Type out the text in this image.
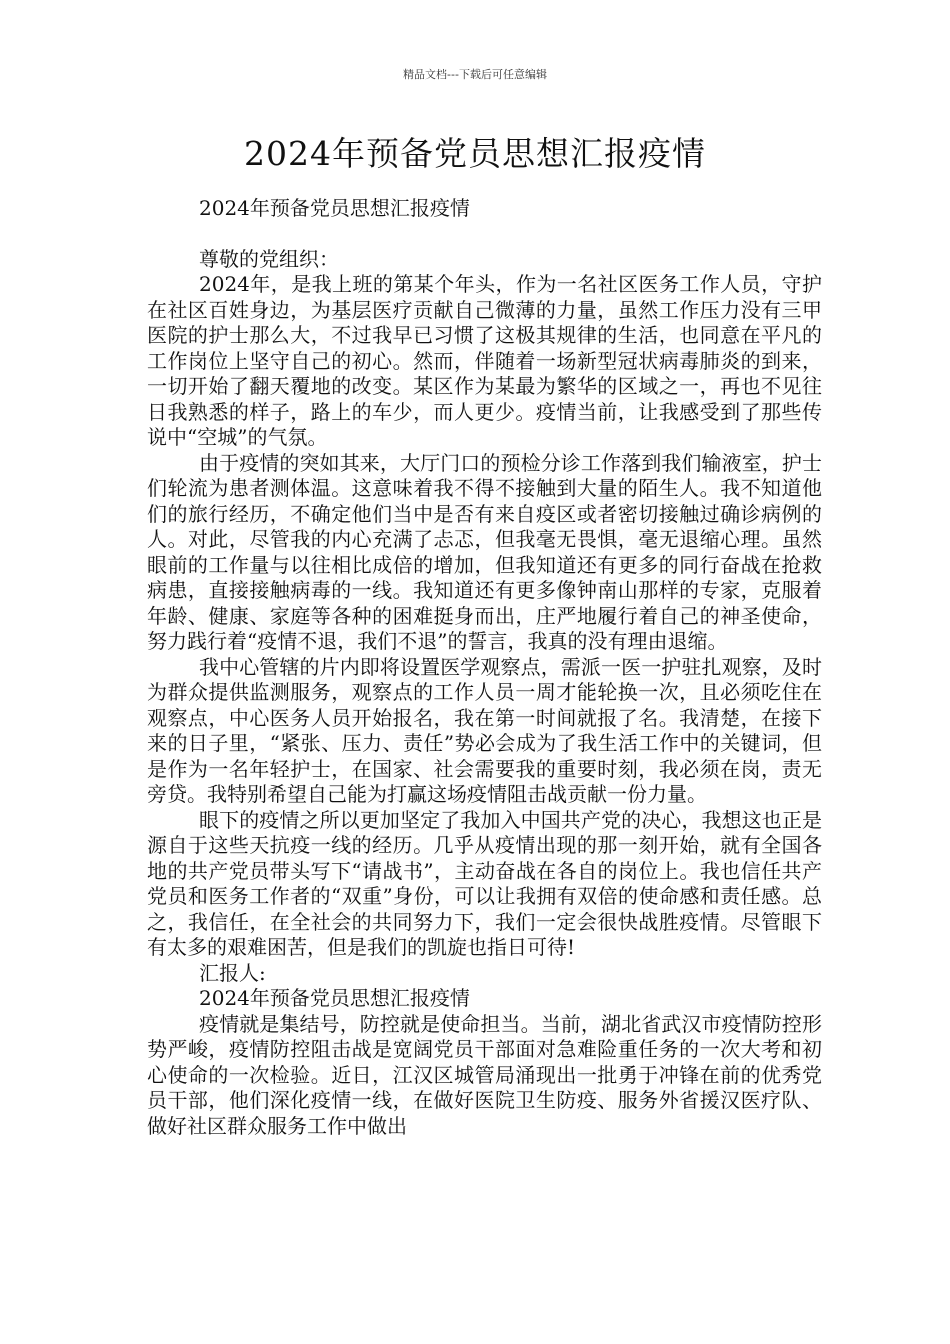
精品文档---下载后可任意编辑
2024年预备党员思想汇报疫情

2024年预备党员思想汇报疫情

尊敬的党组织：

2024年，是我上班的第某个年头，作为一名社区医务工作人员，守护在社区百姓身边，为基层医疗贡献自己微薄的力量，虽然工作压力没有三甲医院的护士那么大，不过我早已习惯了这极其规律的生活，也同意在平凡的工作岗位上坚守自己的初心。然而，伴随着一场新型冠状病毒肺炎的到来，一切开始了翻天覆地的改变。某区作为某最为繁华的区域之一，再也不见往日我熟悉的样子，路上的车少，而人更少。疫情当前，让我感受到了那些传说中“空城”的气氛。

由于疫情的突如其来，大厅门口的预检分诊工作落到我们输液室，护士们轮流为患者测体温。这意味着我不得不接触到大量的陌生人。我不知道他们的旅行经历，不确定他们当中是否有来自疫区或者密切接触过确诊病例的人。对此，尽管我的内心充满了忐忑，但我毫无畏惧，毫无退缩心理。虽然眼前的工作量与以往相比成倍的增加，但我知道还有更多的同行奋战在抢救病患，直接接触病毒的一线。我知道还有更多像钟南山那样的专家，克服着年龄、健康、家庭等各种的困难挺身而出，庄严地履行着自己的神圣使命，努力践行着“疫情不退，我们不退”的誓言，我真的没有理由退缩。

我中心管辖的片内即将设置医学观察点，需派一医一护驻扎观察，及时为群众提供监测服务，观察点的工作人员一周才能轮换一次，且必须吃住在观察点，中心医务人员开始报名，我在第一时间就报了名。我清楚，在接下来的日子里，“紧张、压力、责任”势必会成为了我生活工作中的关键词，但是作为一名年轻护士，在国家、社会需要我的重要时刻，我必须在岗，责无旁贷。我特别希望自己能为打赢这场疫情阻击战贡献一份力量。

眼下的疫情之所以更加坚定了我加入中国共产党的决心，我想这也正是源自于这些天抗疫一线的经历。几乎从疫情出现的那一刻开始，就有全国各地的共产党员带头写下“请战书”，主动奋战在各自的岗位上。我也信任共产党员和医务工作者的“双重”身份，可以让我拥有双倍的使命感和责任感。总之，我信任，在全社会的共同努力下，我们一定会很快战胜疫情。尽管眼下有太多的艰难困苦，但是我们的凯旋也指日可待!

汇报人:

2024年预备党员思想汇报疫情

疫情就是集结号，防控就是使命担当。当前，湖北省武汉市疫情防控形势严峻，疫情防控阻击战是宽阔党员干部面对急难险重任务的一次大考和初心使命的一次检验。近日，江汉区城管局涌现出一批勇于冲锋在前的优秀党员干部，他们深化疫情一线，在做好医院卫生防疫、服务外省援汉医疗队、做好社区群众服务工作中做出
